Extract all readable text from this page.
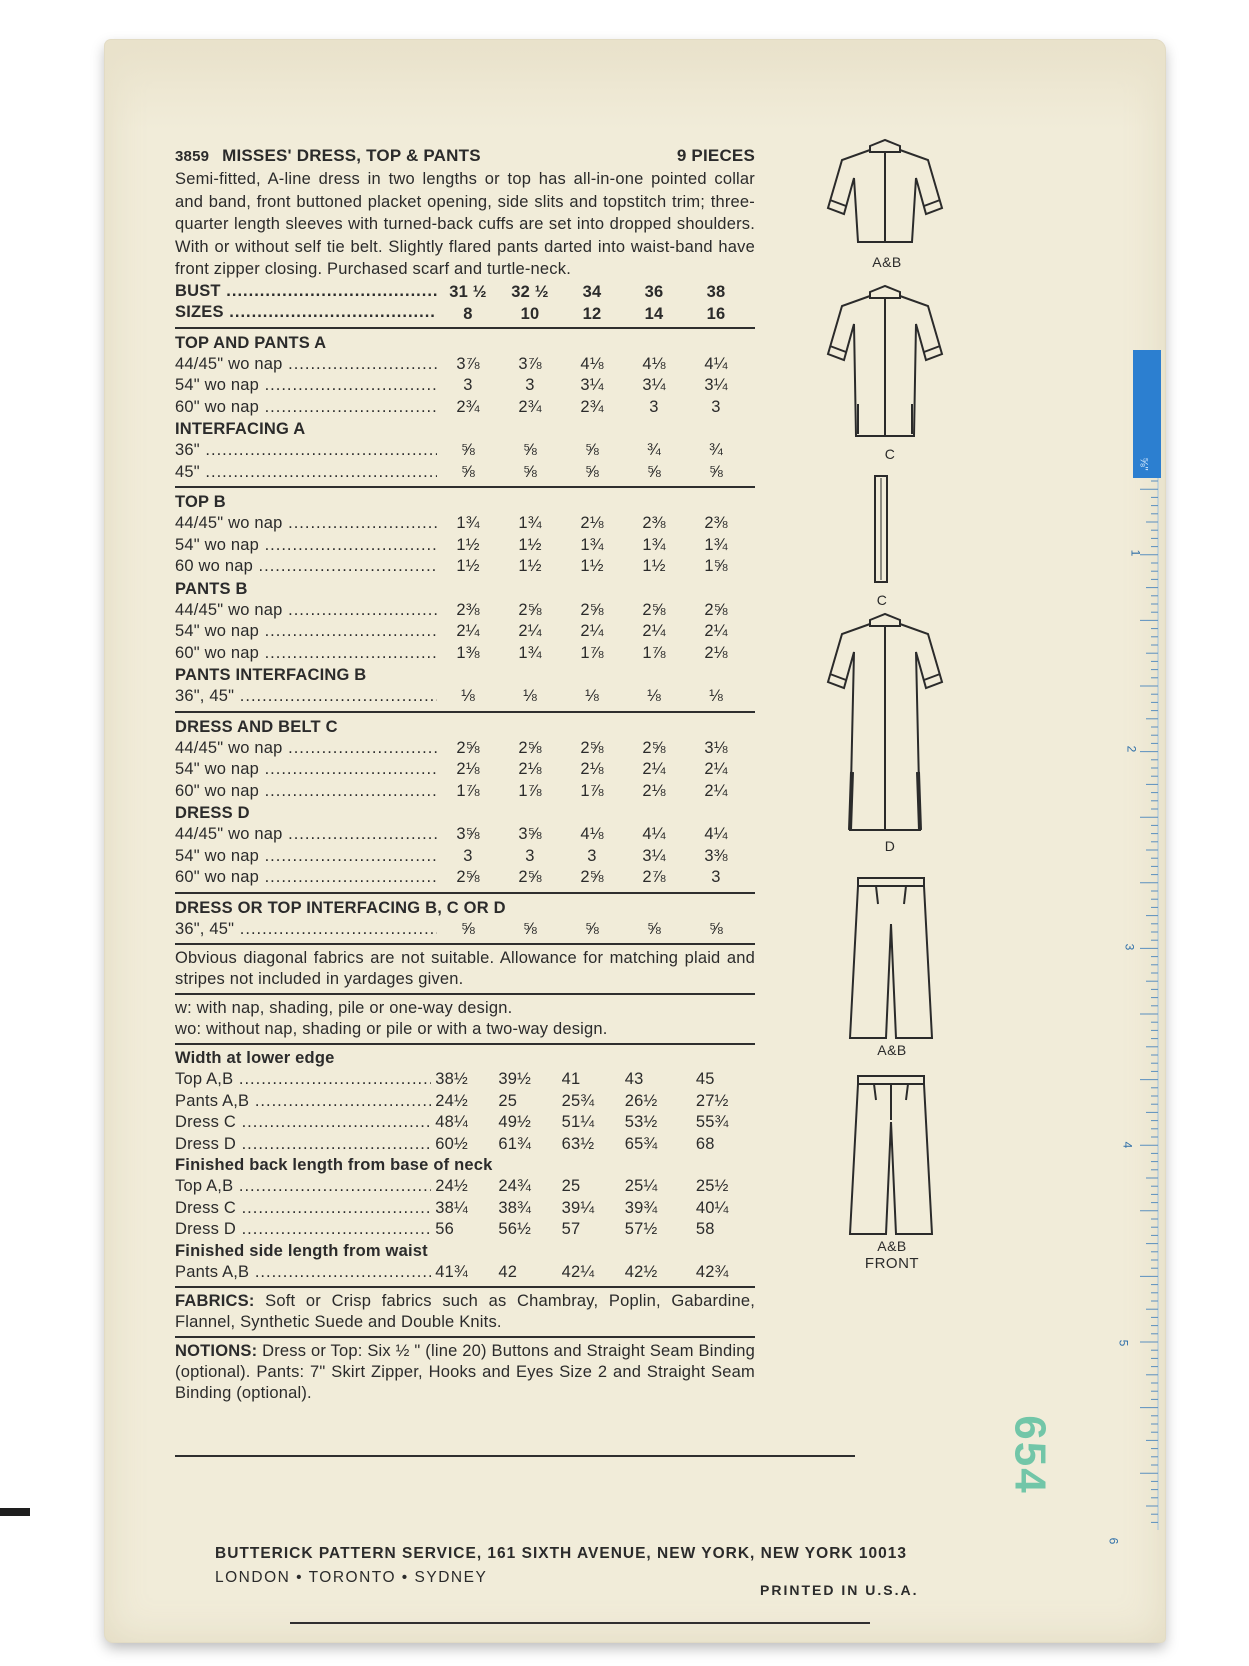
3859 MISSES' DRESS, TOP & PANTS	9 PIECES
Semi-fitted, A-line dress in two lengths or top has all-in-one pointed collar and band, front buttoned placket opening, side slits and topstitch trim; three-quarter length sleeves with turned-back cuffs are set into dropped shoulders. With or without self tie belt. Slightly flared pants darted into waist-band have front zipper closing. Purchased scarf and turtle-neck.
BUST .....	31 ½	32 ½	34	36	38
SIZES .....	8	10	12	14	16
TOP AND PANTS A
44/45" wo nap .....	3⅞	3⅞	4⅛	4⅛	4¼
54" wo nap .....	3	3	3¼	3¼	3¼
60" wo nap .....	2¾	2¾	2¾	3	3
INTERFACING A
36" .....	⅝	⅝	⅝	¾	¾
45" .....	⅝	⅝	⅝	⅝	⅝
TOP B
44/45" wo nap .....	1¾	1¾	2⅛	2⅜	2⅜
54" wo nap .....	1½	1½	1¾	1¾	1¾
60 wo nap .....	1½	1½	1½	1½	1⅝
PANTS B
44/45" wo nap .....	2⅜	2⅝	2⅝	2⅝	2⅝
54" wo nap .....	2¼	2¼	2¼	2¼	2¼
60" wo nap .....	1⅜	1¾	1⅞	1⅞	2⅛
PANTS INTERFACING B
36", 45" .....	⅛	⅛	⅛	⅛	⅛
DRESS AND BELT C
44/45" wo nap .....	2⅝	2⅝	2⅝	2⅝	3⅛
54" wo nap .....	2⅛	2⅛	2⅛	2¼	2¼
60" wo nap .....	1⅞	1⅞	1⅞	2⅛	2¼
DRESS D
44/45" wo nap .....	3⅝	3⅝	4⅛	4¼	4¼
54" wo nap .....	3	3	3	3¼	3⅜
60" wo nap .....	2⅝	2⅝	2⅝	2⅞	3
DRESS OR TOP INTERFACING B, C OR D
36", 45" .....	⅝	⅝	⅝	⅝	⅝
Obvious diagonal fabrics are not suitable. Allowance for matching plaid and stripes not included in yardages given.
w: with nap, shading, pile or one-way design.
wo: without nap, shading or pile or with a two-way design.
Width at lower edge
Top A,B .....	38½	39½	41	43	45
Pants A,B .....	24½	25	25¾	26½	27½
Dress C .....	48¼	49½	51¼	53½	55¾
Dress D .....	60½	61¾	63½	65¾	68
Finished back length from base of neck
Top A,B .....	24½	24¾	25	25¼	25½
Dress C .....	38¼	38¾	39¼	39¾	40¼
Dress D .....	56	56½	57	57½	58
Finished side length from waist
Pants A,B .....	41¾	42	42¼	42½	42¾
FABRICS: Soft or Crisp fabrics such as Chambray, Poplin, Gabardine, Flannel, Synthetic Suede and Double Knits.
NOTIONS: Dress or Top: Six ½ " (line 20) Buttons and Straight Seam Binding (optional). Pants: 7" Skirt Zipper, Hooks and Eyes Size 2 and Straight Seam Binding (optional).
BUTTERICK PATTERN SERVICE, 161 SIXTH AVENUE, NEW YORK, NEW YORK 10013
LONDON • TORONTO • SYDNEY
PRINTED IN U.S.A.
A&B
C
C
D
A&B
A&B
FRONT
⅝"
1
2
3
4
5
6
654
